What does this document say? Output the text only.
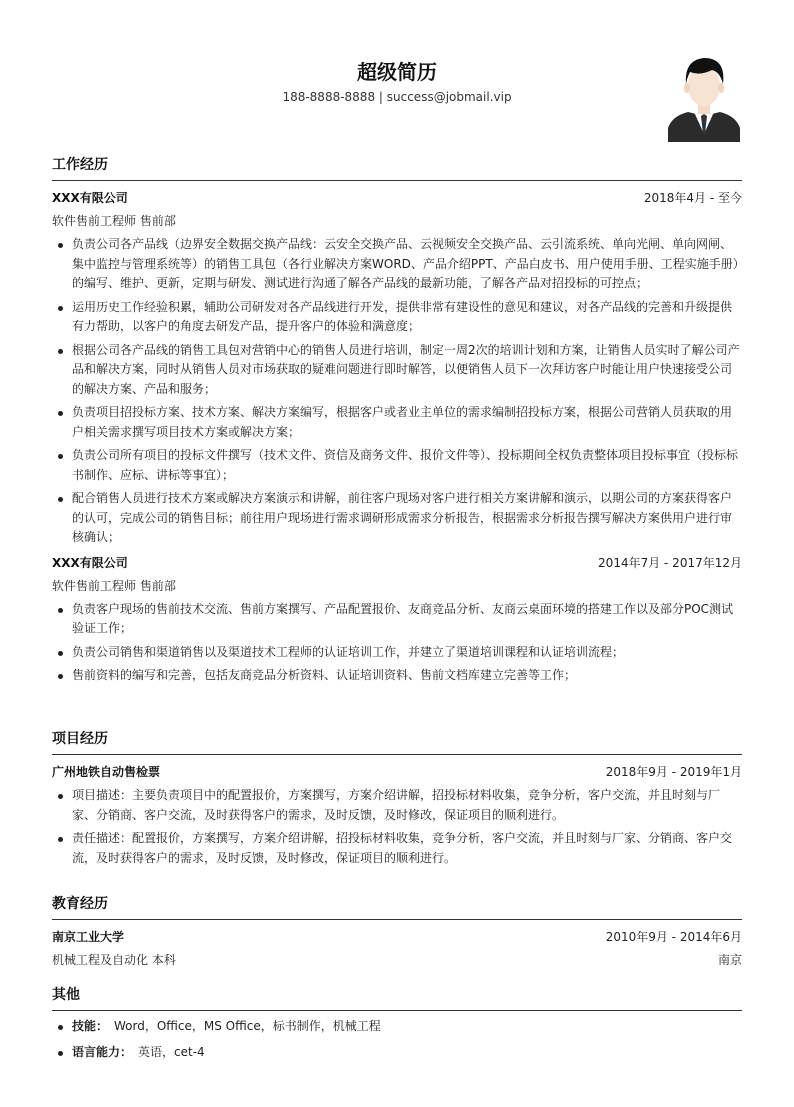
超级简历
188-8888-8888 | success@jobmail.vip
工作经历
XXX有限公司	2018年4月 - 至今
软件售前工程师 售前部
负责公司各产品线（边界安全数据交换产品线：云安全交换产品、云视频安全交换产品、云引流系统、单向光闸、单向网闸、集中监控与管理系统等）的销售工具包（各行业解决方案WORD、产品介绍PPT、产品白皮书、用户使用手册、工程实施手册）的编写、维护、更新，定期与研发、测试进行沟通了解各产品线的最新功能，了解各产品对招投标的可控点；
运用历史工作经验积累，辅助公司研发对各产品线进行开发，提供非常有建设性的意见和建议，对各产品线的完善和升级提供有力帮助，以客户的角度去研发产品，提升客户的体验和满意度；
根据公司各产品线的销售工具包对营销中心的销售人员进行培训，制定一周2次的培训计划和方案，让销售人员实时了解公司产品和解决方案，同时从销售人员对市场获取的疑难问题进行即时解答，以便销售人员下一次拜访客户时能让用户快速接受公司的解决方案、产品和服务；
负责项目招投标方案、技术方案、解决方案编写，根据客户或者业主单位的需求编制招投标方案，根据公司营销人员获取的用户相关需求撰写项目技术方案或解决方案；
负责公司所有项目的投标文件撰写（技术文件、资信及商务文件、报价文件等）、投标期间全权负责整体项目投标事宜（投标标书制作、应标、讲标等事宜）；
配合销售人员进行技术方案或解决方案演示和讲解，前往客户现场对客户进行相关方案讲解和演示，以期公司的方案获得客户的认可，完成公司的销售目标；前往用户现场进行需求调研形成需求分析报告，根据需求分析报告撰写解决方案供用户进行审核确认；
XXX有限公司	2014年7月 - 2017年12月
软件售前工程师 售前部
负责客户现场的售前技术交流、售前方案撰写、产品配置报价、友商竞品分析、友商云桌面环境的搭建工作以及部分POC测试验证工作；
负责公司销售和渠道销售以及渠道技术工程师的认证培训工作，并建立了渠道培训课程和认证培训流程；
售前资料的编写和完善，包括友商竞品分析资料、认证培训资料、售前文档库建立完善等工作；
项目经历
广州地铁自动售检票	2018年9月 - 2019年1月
项目描述：主要负责项目中的配置报价，方案撰写，方案介绍讲解，招投标材料收集，竞争分析，客户交流，并且时刻与厂家、分销商、客户交流，及时获得客户的需求，及时反馈，及时修改，保证项目的顺利进行。
责任描述：配置报价，方案撰写，方案介绍讲解，招投标材料收集，竞争分析，客户交流，并且时刻与厂家、分销商、客户交流，及时获得客户的需求，及时反馈，及时修改，保证项目的顺利进行。
教育经历
南京工业大学	2010年9月 - 2014年6月
机械工程及自动化 本科	南京
其他
技能： Word，Office，MS Office，标书制作，机械工程
语言能力： 英语，cet-4
